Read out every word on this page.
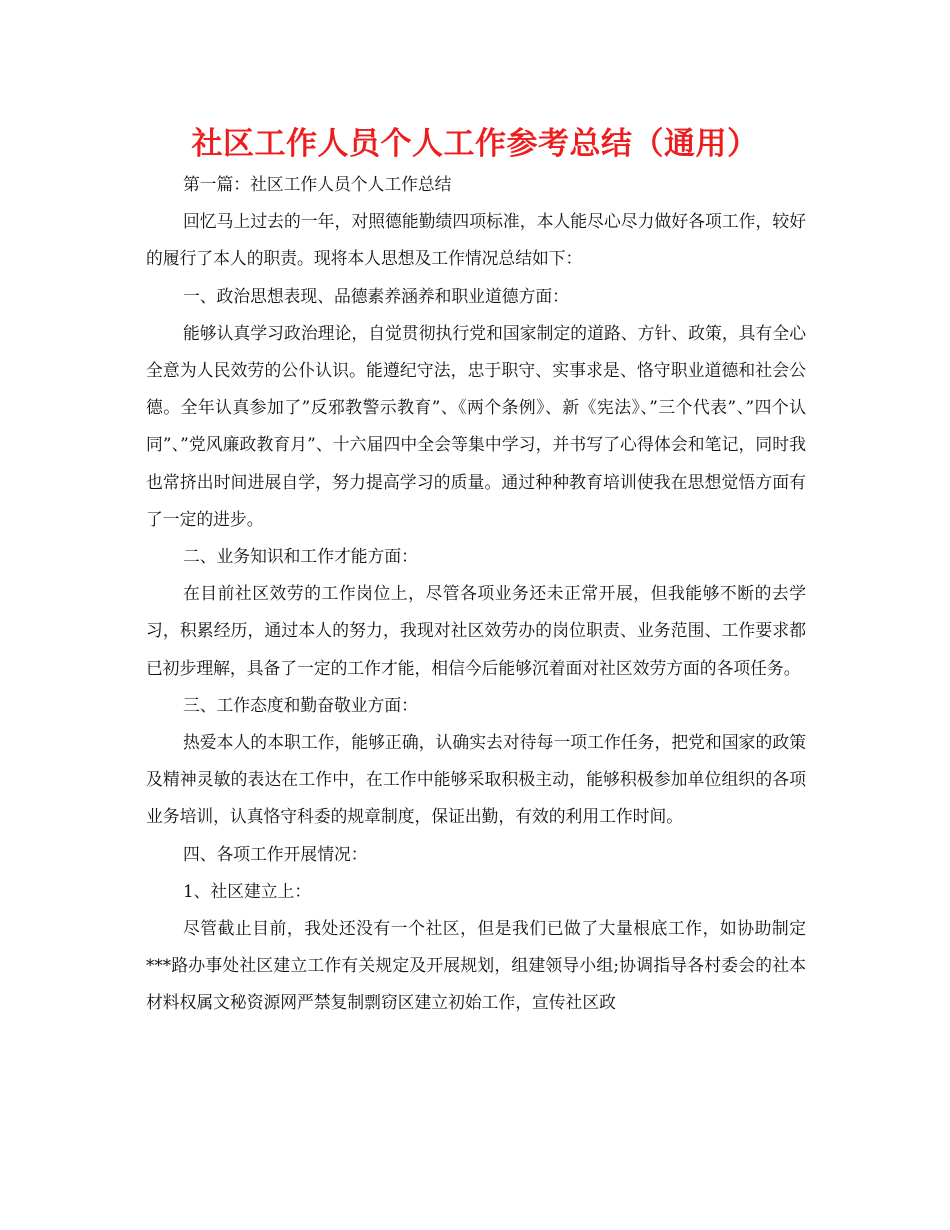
社区工作人员个人工作参考总结（通用）

第一篇：社区工作人员个人工作总结

回忆马上过去的一年，对照德能勤绩四项标准，本人能尽心尽力做好各项工作，较好的履行了本人的职责。现将本人思想及工作情况总结如下：

一、政治思想表现、品德素养涵养和职业道德方面：

能够认真学习政治理论，自觉贯彻执行党和国家制定的道路、方针、政策，具有全心全意为人民效劳的公仆认识。能遵纪守法，忠于职守、实事求是、恪守职业道德和社会公德。全年认真参加了”反邪教警示教育”、《两个条例》、新《宪法》、”三个代表”、”四个认同”、”党风廉政教育月”、十六届四中全会等集中学习，并书写了心得体会和笔记，同时我也常挤出时间进展自学，努力提高学习的质量。通过种种教育培训使我在思想觉悟方面有了一定的进步。

二、业务知识和工作才能方面：

在目前社区效劳的工作岗位上，尽管各项业务还未正常开展，但我能够不断的去学习，积累经历，通过本人的努力，我现对社区效劳办的岗位职责、业务范围、工作要求都已初步理解，具备了一定的工作才能，相信今后能够沉着面对社区效劳方面的各项任务。

三、工作态度和勤奋敬业方面：

热爱本人的本职工作，能够正确，认确实去对待每一项工作任务，把党和国家的政策及精神灵敏的表达在工作中，在工作中能够采取积极主动，能够积极参加单位组织的各项业务培训，认真恪守科委的规章制度，保证出勤，有效的利用工作时间。

四、各项工作开展情况：

1、社区建立上：

尽管截止目前，我处还没有一个社区，但是我们已做了大量根底工作，如协助制定***路办事处社区建立工作有关规定及开展规划，组建领导小组;协调指导各村委会的社本材料权属文秘资源网严禁复制剽窃区建立初始工作，宣传社区政
